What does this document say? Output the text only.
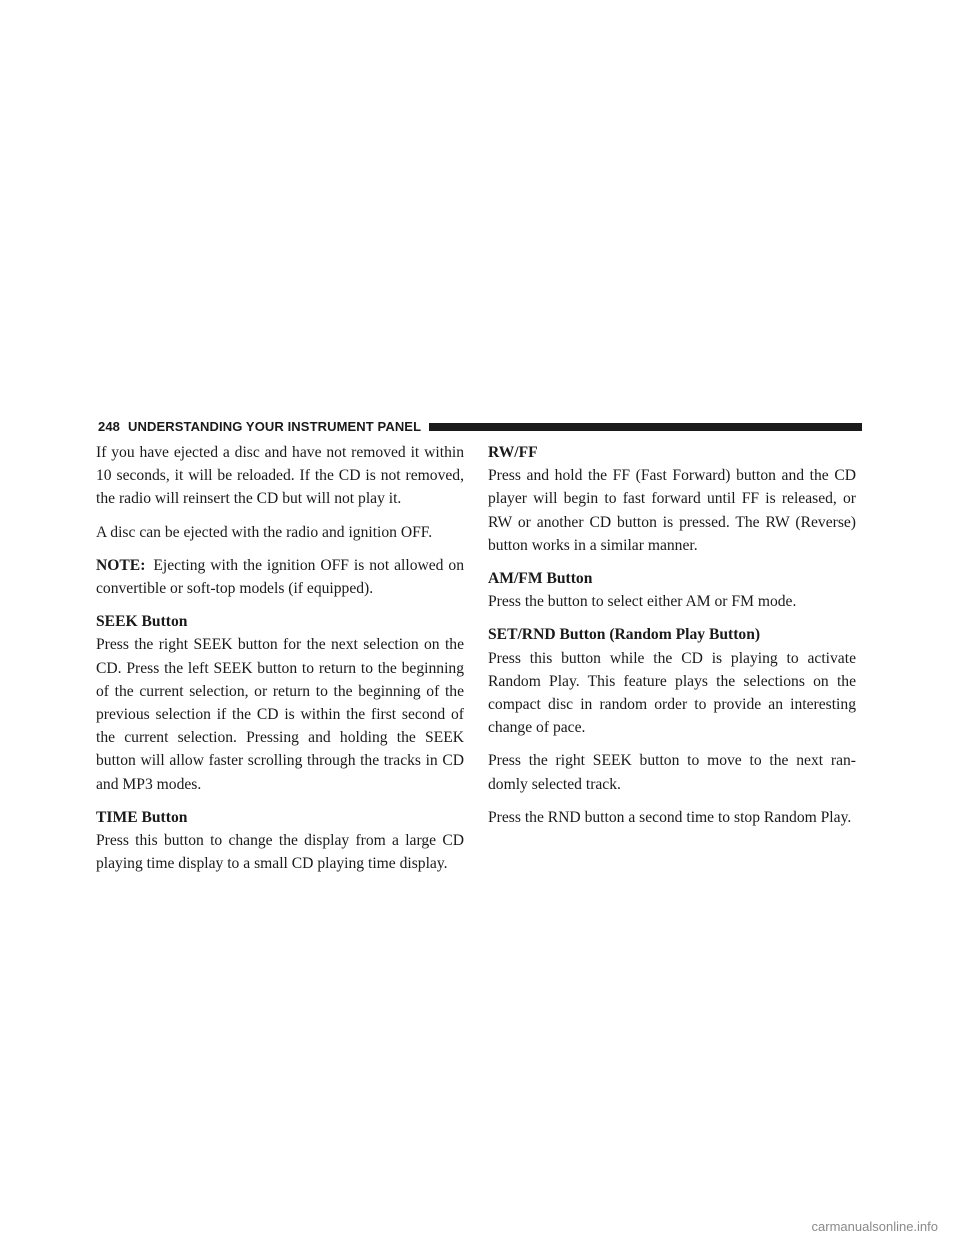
248 UNDERSTANDING YOUR INSTRUMENT PANEL

If you have ejected a disc and have not removed it within 10 seconds, it will be reloaded. If the CD is not removed, the radio will reinsert the CD but will not play it.

A disc can be ejected with the radio and ignition OFF.

NOTE: Ejecting with the ignition OFF is not allowed on convertible or soft-top models (if equipped).

SEEK Button

Press the right SEEK button for the next selection on the CD. Press the left SEEK button to return to the beginning of the current selection, or return to the beginning of the previous selection if the CD is within the first second of the current selection. Pressing and holding the SEEK button will allow faster scrolling through the tracks in CD and MP3 modes.

TIME Button

Press this button to change the display from a large CD playing time display to a small CD playing time display.

RW/FF

Press and hold the FF (Fast Forward) button and the CD player will begin to fast forward until FF is released, or RW or another CD button is pressed. The RW (Reverse) button works in a similar manner.

AM/FM Button

Press the button to select either AM or FM mode.

SET/RND Button (Random Play Button)

Press this button while the CD is playing to activate Random Play. This feature plays the selections on the compact disc in random order to provide an interesting change of pace.

Press the right SEEK button to move to the next ran-domly selected track.

Press the RND button a second time to stop Random Play.

carmanualsonline.info
